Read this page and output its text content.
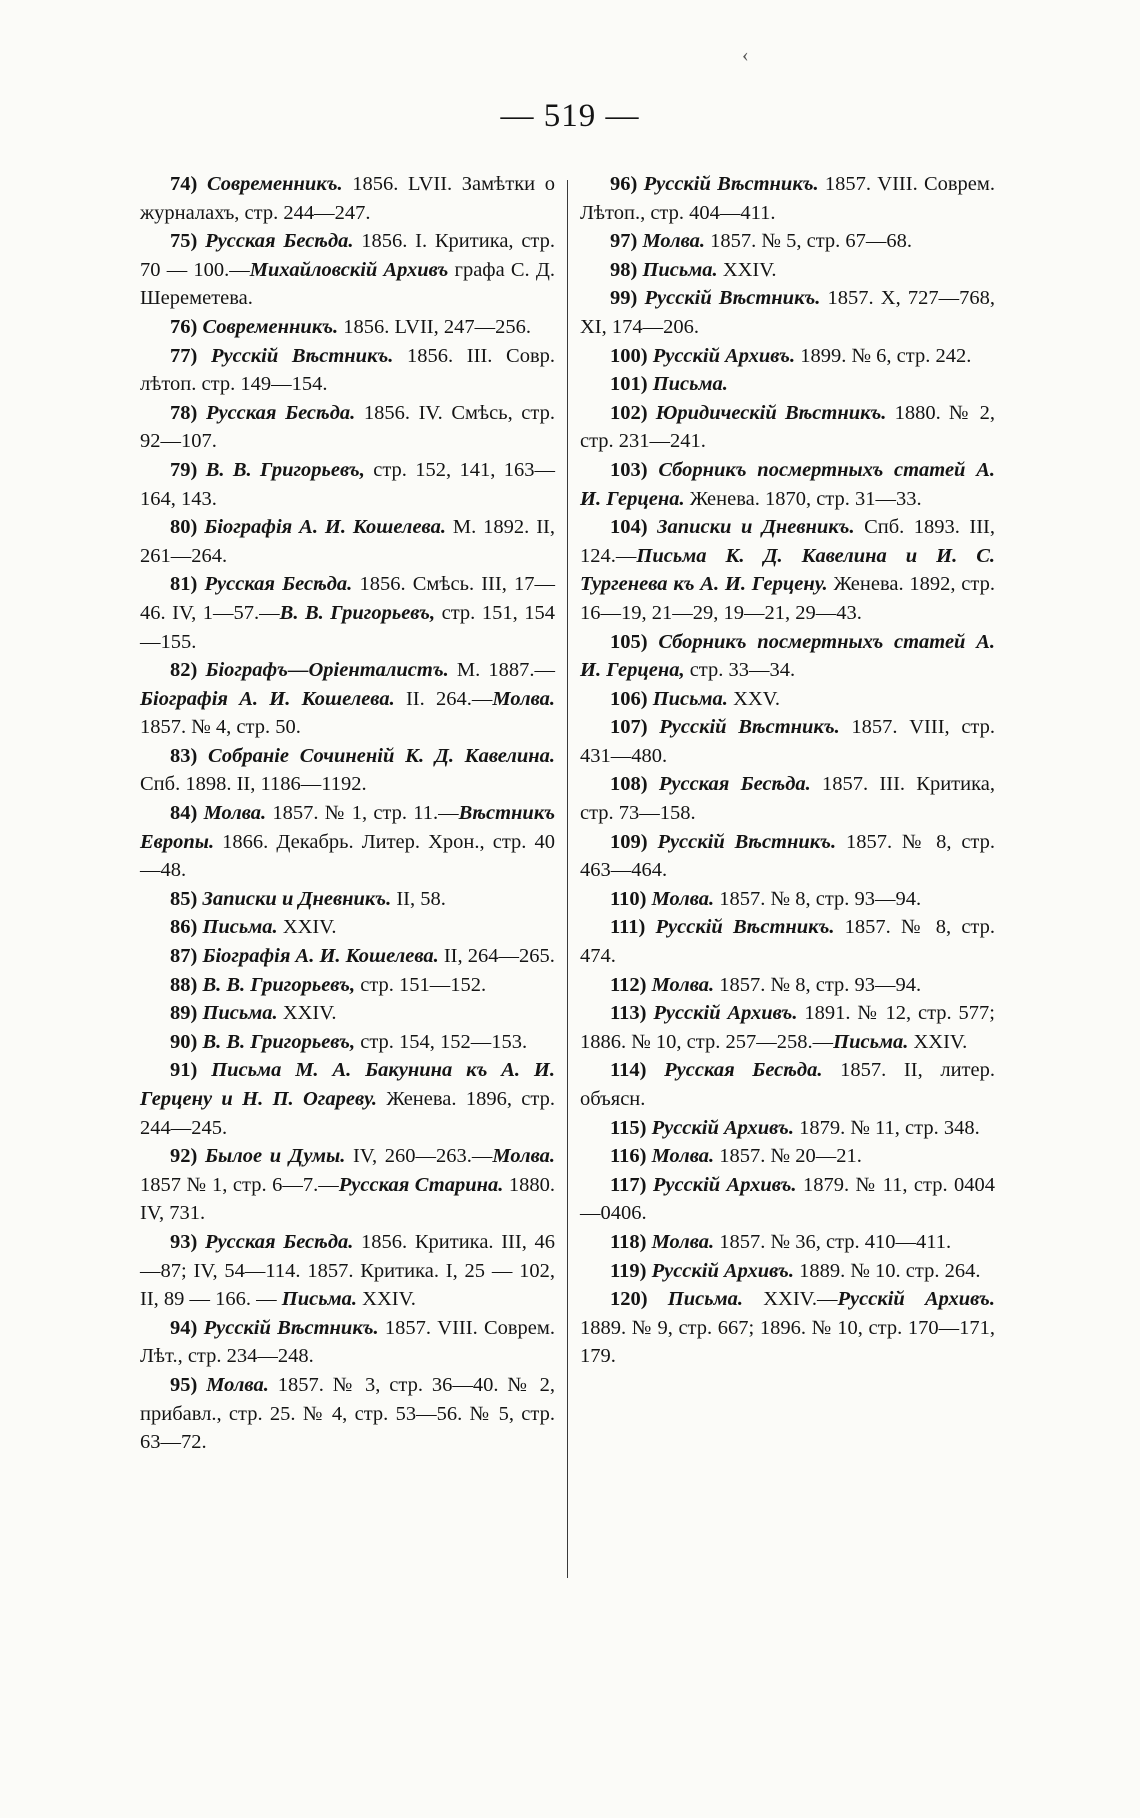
‹
— 519 —

74) Современникъ. 1856. LVII. Замѣтки о журналахъ, стр. 244—247.

75) Русская Бесѣда. 1856. I. Критика, стр. 70 — 100.—Михайловскій Архивъ графа С. Д. Шереметева.

76) Современникъ. 1856. LVII, 247—256.

77) Русскій Вѣстникъ. 1856. III. Совр. лѣтоп. стр. 149—154.

78) Русская Бесѣда. 1856. IV. Смѣсь, стр. 92—107.

79) В. В. Григорьевъ, стр. 152, 141, 163—164, 143.

80) Біографія А. И. Кошелева. М. 1892. II, 261—264.

81) Русская Бесѣда. 1856. Смѣсь. III, 17—46. IV, 1—57.—В. В. Григорьевъ, стр. 151, 154—155.

82) Біографъ—Оріенталистъ. М. 1887.—Біографія А. И. Кошелева. II. 264.—Молва. 1857. № 4, стр. 50.

83) Собраніе Сочиненій К. Д. Кавелина. Спб. 1898. II, 1186—1192.

84) Молва. 1857. № 1, стр. 11.—Вѣстникъ Европы. 1866. Декабрь. Литер. Хрон., стр. 40—48.

85) Записки и Дневникъ. II, 58.

86) Письма. XXIV.

87) Біографія А. И. Кошелева. II, 264—265.

88) В. В. Григорьевъ, стр. 151—152.

89) Письма. XXIV.

90) В. В. Григорьевъ, стр. 154, 152—153.

91) Письма М. А. Бакунина къ А. И. Герцену и Н. П. Огареву. Женева. 1896, стр. 244—245.

92) Былое и Думы. IV, 260—263.—Молва. 1857 № 1, стр. 6—7.—Русская Старина. 1880. IV, 731.

93) Русская Бесѣда. 1856. Критика. III, 46—87; IV, 54—114. 1857. Критика. I, 25 — 102, II, 89 — 166. — Письма. XXIV.

94) Русскій Вѣстникъ. 1857. VIII. Соврем. Лѣт., стр. 234—248.

95) Молва. 1857. № 3, стр. 36—40. № 2, прибавл., стр. 25. № 4, стр. 53—56. № 5, стр. 63—72.

96) Русскій Вѣстникъ. 1857. VIII. Соврем. Лѣтоп., стр. 404—411.

97) Молва. 1857. № 5, стр. 67—68.

98) Письма. XXIV.

99) Русскій Вѣстникъ. 1857. X, 727—768, XI, 174—206.

100) Русскій Архивъ. 1899. № 6, стр. 242.

101) Письма.

102) Юридическій Вѣстникъ. 1880. № 2, стр. 231—241.

103) Сборникъ посмертныхъ статей А. И. Герцена. Женева. 1870, стр. 31—33.

104) Записки и Дневникъ. Спб. 1893. III, 124.—Письма К. Д. Кавелина и И. С. Тургенева къ А. И. Герцену. Женева. 1892, стр. 16—19, 21—29, 19—21, 29—43.

105) Сборникъ посмертныхъ статей А. И. Герцена, стр. 33—34.

106) Письма. XXV.

107) Русскій Вѣстникъ. 1857. VIII, стр. 431—480.

108) Русская Бесѣда. 1857. III. Критика, стр. 73—158.

109) Русскій Вѣстникъ. 1857. № 8, стр. 463—464.

110) Молва. 1857. № 8, стр. 93—94.

111) Русскій Вѣстникъ. 1857. № 8, стр. 474.

112) Молва. 1857. № 8, стр. 93—94.

113) Русскій Архивъ. 1891. № 12, стр. 577; 1886. № 10, стр. 257—258.—Письма. XXIV.

114) Русская Бесѣда. 1857. II, литер. объясн.

115) Русскій Архивъ. 1879. № 11, стр. 348.

116) Молва. 1857. № 20—21.

117) Русскій Архивъ. 1879. № 11, стр. 0404—0406.

118) Молва. 1857. № 36, стр. 410—411.

119) Русскій Архивъ. 1889. № 10. стр. 264.

120) Письма. XXIV.—Русскій Архивъ. 1889. № 9, стр. 667; 1896. № 10, стр. 170—171, 179.
